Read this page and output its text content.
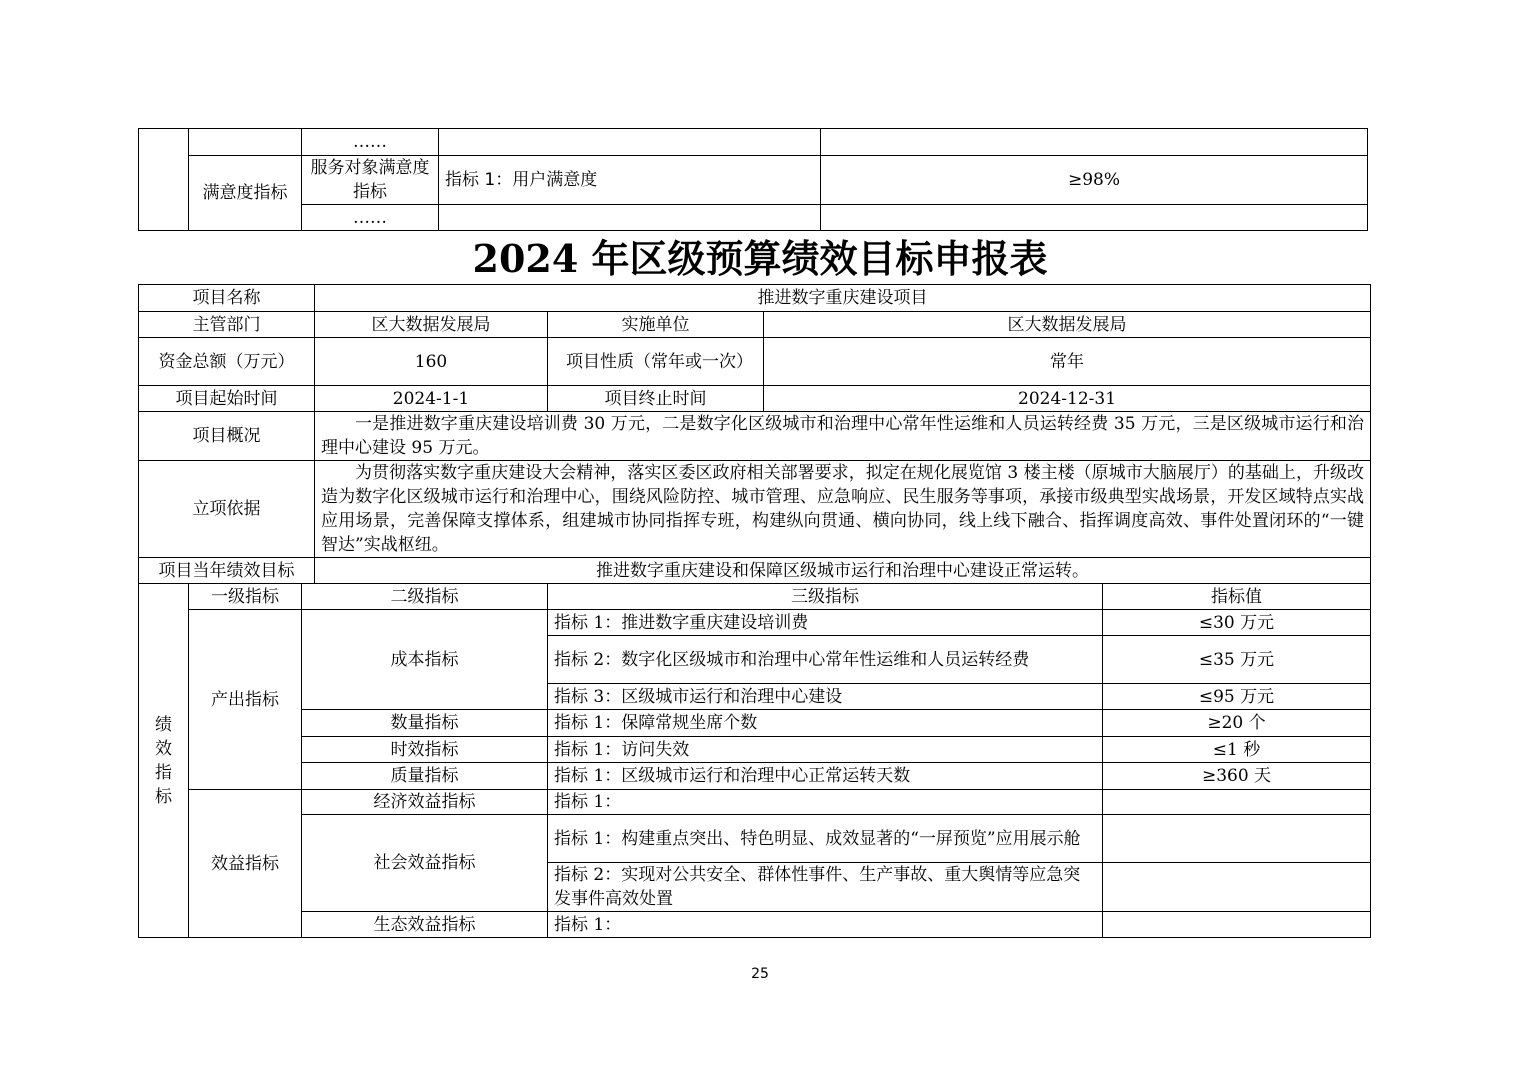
		……		
	满意度指标	服务对象满意度指标	指标 1：用户满意度	≥98%
		……		
2024 年区级预算绩效目标申报表
项目名称			推进数字重庆建设项目			
主管部门			区大数据发展局	实施单位	区大数据发展局	
资金总额（万元）			160	项目性质（常年或一次）	常年	
项目起始时间			2024-1-1	项目终止时间	2024-12-31	
项目概况			一是推进数字重庆建设培训费 30 万元，二是数字化区级城市和治理中心常年性运维和人员运转经费 35 万元，三是区级城市运行和治理中心建设 95 万元。			
立项依据			为贯彻落实数字重庆建设大会精神，落实区委区政府相关部署要求，拟定在规化展览馆 3 楼主楼（原城市大脑展厅）的基础上，升级改造为数字化区级城市运行和治理中心，围绕风险防控、城市管理、应急响应、民生服务等事项，承接市级典型实战场景，开发区域特点实战应用场景，完善保障支撑体系，组建城市协同指挥专班，构建纵向贯通、横向协同，线上线下融合、指挥调度高效、事件处置闭环的“一键智达”实战枢纽。			
项目当年绩效目标			推进数字重庆建设和保障区级城市运行和治理中心建设正常运转。			

绩
效
指
标	一级指标	二级指标		三级指标		指标值
	产出指标	成本指标		指标 1：推进数字重庆建设培训费		≤30 万元
				指标 2：数字化区级城市和治理中心常年性运维和人员运转经费		≤35 万元
				指标 3：区级城市运行和治理中心建设		≤95 万元
		数量指标		指标 1：保障常规坐席个数		≥20 个
		时效指标		指标 1：访问失效		≤1 秒
		质量指标		指标 1：区级城市运行和治理中心正常运转天数		≥360 天
	效益指标	经济效益指标		指标 1：		
		社会效益指标		指标 1：构建重点突出、特色明显、成效显著的“一屏预览”应用展示舱		
				指标 2：实现对公共安全、群体性事件、生产事故、重大舆情等应急突发事件高效处置		
		生态效益指标		指标 1：		
25
